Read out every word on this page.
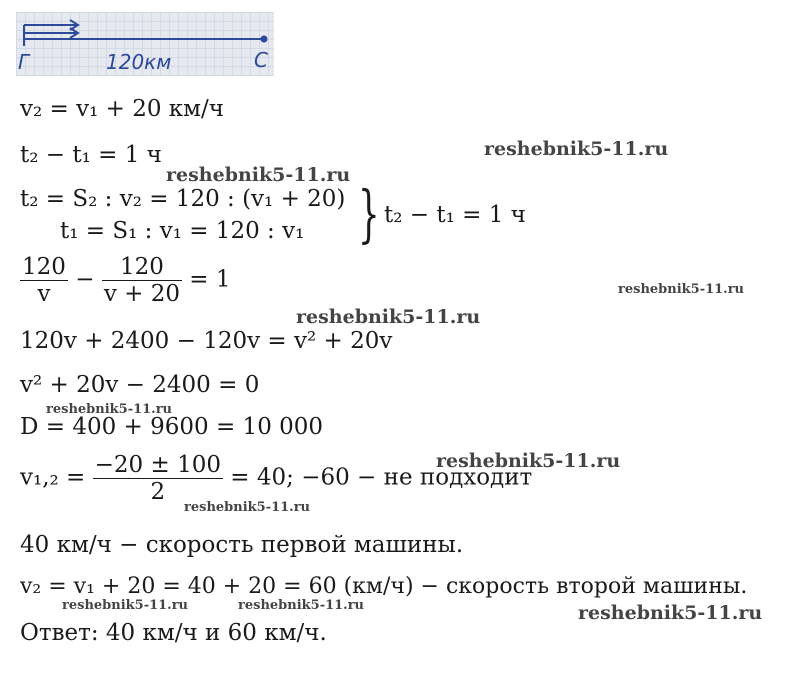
Г	120км	С
v₂ = v₁ + 20 км/ч
t₂ − t₁ = 1 ч
t₂ = S₂ : v₂ = 120 : (v₁ + 20)
t₁ = S₁ : v₁ = 120 : v₁ } t₂ − t₁ = 1 ч
$\frac{120}{v} - \frac{120}{v + 20} = 1$
120v + 2400 − 120v = v² + 20v
v² + 20v − 2400 = 0
D = 400 + 9600 = 10 000
$v_1,_2 = \frac{-20 \pm 100}{2} = 40$; −60 − не подходит
40 км/ч − скорость первой машины.
v₂ = v₁ + 20 = 40 + 20 = 60 (км/ч) − скорость второй машины.
Ответ: 40 км/ч и 60 км/ч.
reshebnik5-11.ru
reshebnik5-11.ru
reshebnik5-11.ru
reshebnik5-11.ru
reshebnik5-11.ru
reshebnik5-11.ru
reshebnik5-11.ru
reshebnik5-11.ru	reshebnik5-11.ru	reshebnik5-11.ru
